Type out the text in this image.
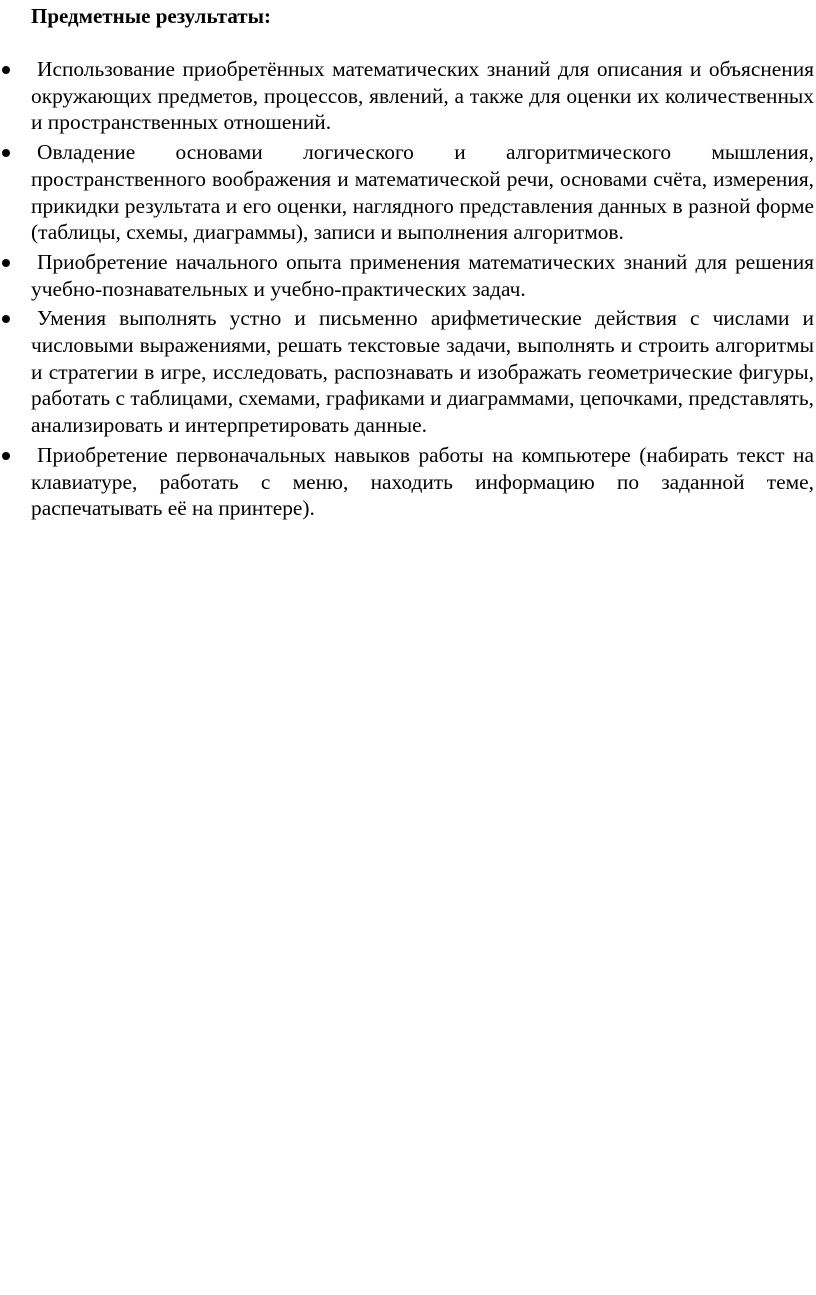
Предметные результаты:
Использование приобретённых математических знаний для описания и объяснения окружающих предметов, процессов, явлений, а также для оценки их количественных и пространственных отношений.
Овладение основами логического и алгоритмического мышления, пространственного воображения и математической речи, основами счёта, измерения, прикидки результата и его оценки, наглядного представления данных в разной форме (таблицы, схемы, диаграммы), записи и выполнения алгоритмов.
Приобретение начального опыта применения математических знаний для решения учебно-познавательных и учебно-практических задач.
Умения выполнять устно и письменно арифметические действия с числами и числовыми выражениями, решать текстовые задачи, выполнять и строить алгоритмы и стратегии в игре, исследовать, распознавать и изображать геометрические фигуры, работать с таблицами, схемами, графиками и диаграммами, цепочками, представлять, анализировать и интерпретировать данные.
Приобретение первоначальных навыков работы на компьютере (набирать текст на клавиатуре, работать с меню, находить информацию по заданной теме, распечатывать её на принтере).
